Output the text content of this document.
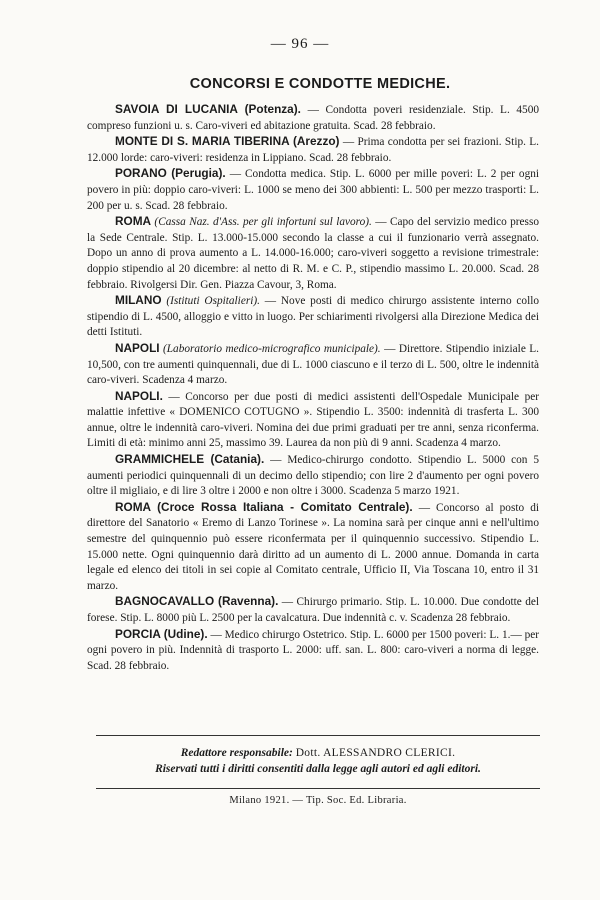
— 96 —
CONCORSI E CONDOTTE MEDICHE.

SAVOIA DI LUCANIA (Potenza). — Condotta poveri residenziale. Stip. L. 4500 compreso funzioni u. s. Caro-viveri ed abitazione gratuita. Scad. 28 febbraio.

MONTE DI S. MARIA TIBERINA (Arezzo) — Prima condotta per sei frazioni. Stip. L. 12.000 lorde: caro-viveri: residenza in Lippiano. Scad. 28 febbraio.

PORANO (Perugia). — Condotta medica. Stip. L. 6000 per mille poveri: L. 2 per ogni povero in più: doppio caro-viveri: L. 1000 se meno dei 300 abbienti: L. 500 per mezzo trasporti: L. 200 per u. s. Scad. 28 febbraio.

ROMA (Cassa Naz. d'Ass. per gli infortuni sul lavoro). — Capo del servizio medico presso la Sede Centrale. Stip. L. 13.000-15.000 secondo la classe a cui il funzionario verrà assegnato. Dopo un anno di prova aumento a L. 14.000-16.000; caro-viveri soggetto a revisione trimestrale: doppio stipendio al 20 dicembre: al netto di R. M. e C. P., stipendio massimo L. 20.000. Scad. 28 febbraio. Rivolgersi Dir. Gen. Piazza Cavour, 3, Roma.

MILANO (Istituti Ospitalieri). — Nove posti di medico chirurgo assistente interno collo stipendio di L. 4500, alloggio e vitto in luogo. Per schiarimenti rivolgersi alla Direzione Medica dei detti Istituti.

NAPOLI (Laboratorio medico-micrografico municipale). — Direttore. Stipendio iniziale L. 10,500, con tre aumenti quinquennali, due di L. 1000 ciascuno e il terzo di L. 500, oltre le indennità caro-viveri. Scadenza 4 marzo.

NAPOLI. — Concorso per due posti di medici assistenti dell'Ospedale Municipale per malattie infettive « DOMENICO COTUGNO ». Stipendio L. 3500: indennità di trasferta L. 300 annue, oltre le indennità caro-viveri. Nomina dei due primi graduati per tre anni, senza riconferma. Limiti di età: minimo anni 25, massimo 39. Laurea da non più di 9 anni. Scadenza 4 marzo.

GRAMMICHELE (Catania). — Medico-chirurgo condotto. Stipendio L. 5000 con 5 aumenti periodici quinquennali di un decimo dello stipendio; con lire 2 d'aumento per ogni povero oltre il migliaio, e di lire 3 oltre i 2000 e non oltre i 3000. Scadenza 5 marzo 1921.

ROMA (Croce Rossa Italiana - Comitato Centrale). — Concorso al posto di direttore del Sanatorio « Eremo di Lanzo Torinese ». La nomina sarà per cinque anni e nell'ultimo semestre del quinquennio può essere riconfermata per il quinquennio successivo. Stipendio L. 15.000 nette. Ogni quinquennio darà diritto ad un aumento di L. 2000 annue. Domanda in carta legale ed elenco dei titoli in sei copie al Comitato centrale, Ufficio II, Via Toscana 10, entro il 31 marzo.

BAGNOCAVALLO (Ravenna). — Chirurgo primario. Stip. L. 10.000. Due condotte del forese. Stip. L. 8000 più L. 2500 per la cavalcatura. Due indennità c. v. Scadenza 28 febbraio.

PORCIA (Udine). — Medico chirurgo Ostetrico. Stip. L. 6000 per 1500 poveri: L. 1.— per ogni povero in più. Indennità di trasporto L. 2000: uff. san. L. 800: caro-viveri a norma di legge. Scad. 28 febbraio.

Redattore responsabile: Dott. ALESSANDRO CLERICI.
Riservati tutti i diritti consentiti dalla legge agli autori ed agli editori.
Milano 1921. — Tip. Soc. Ed. Libraria.
